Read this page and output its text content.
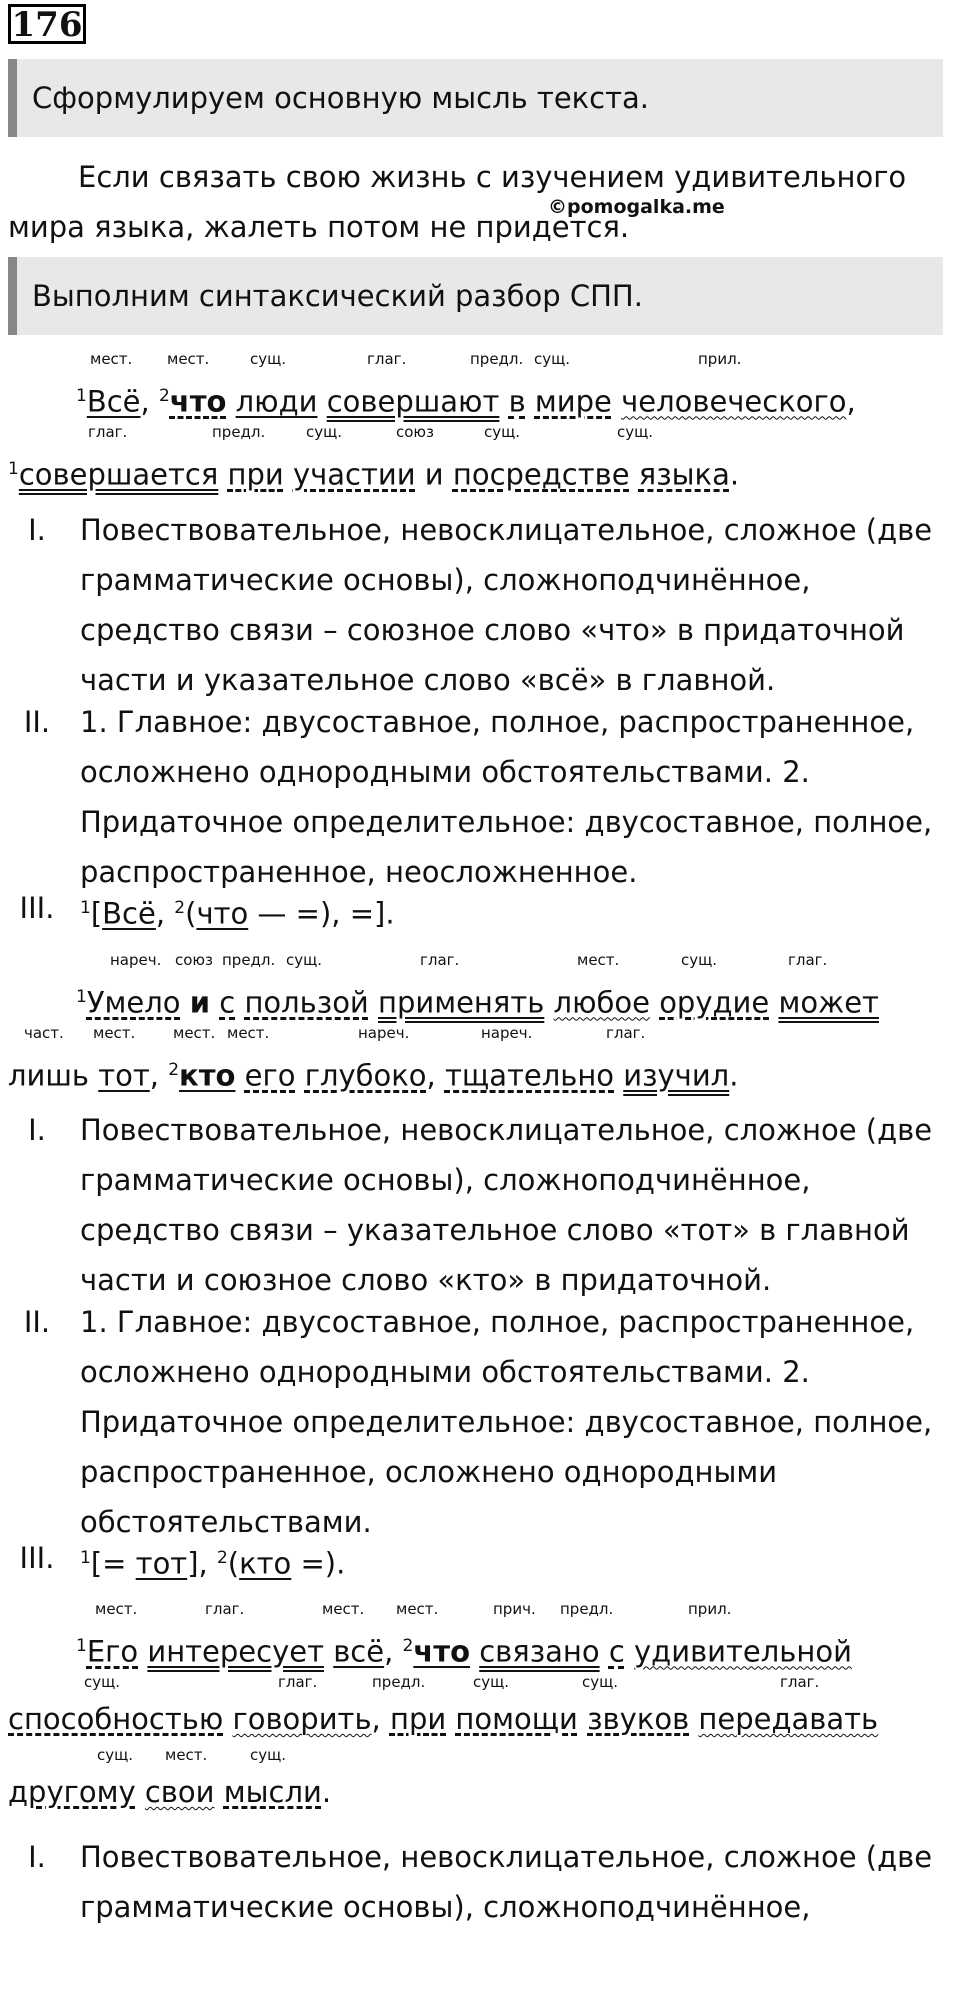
176
Сформулируем основную мысль текста.
Если связать свою жизнь с изучением удивительного мира языка, жалеть потом не придется.
©pomogalka.me
Выполним синтаксический разбор СПП.
мест. мест.	сущ.	глаг.	предл. сущ.	прил.
$^1$Всё, $^2$что люди совершают в мире человеческого,
глаг.	предл.	сущ.	союз	сущ.	сущ.
$^1$совершается при участии и посредстве языка.
I.	Повествовательное, невосклицательное, сложное (две грамматические основы), сложноподчинённое, средство связи – союзное слово «что» в придаточной части и указательное слово «всё» в главной.
II.	1. Главное: двусоставное, полное, распространенное, осложнено однородными обстоятельствами. 2. Придаточное определительное: двусоставное, полное, распространенное, неосложненное.
III.	$^1$[Всё, $^2$(что — =), =].
нареч. союз предл. сущ.	глаг.	мест.	сущ.	глаг.
$^1$Умело и с пользой применять любое орудие может
част. мест.	мест. мест.	нареч.	нареч.	глаг.
лишь тот, $^2$кто его глубоко, тщательно изучил.
I.	Повествовательное, невосклицательное, сложное (две грамматические основы), сложноподчинённое, средство связи – указательное слово «тот» в главной части и союзное слово «кто» в придаточной.
II.	1. Главное: двусоставное, полное, распространенное, осложнено однородными обстоятельствами. 2. Придаточное определительное: двусоставное, полное, распространенное, осложнено однородными обстоятельствами.
III.	$^1$[= тот], $^2$(кто =).
мест.	глаг.	мест. мест.	прич. предл.	прил.
$^1$Его интересует всё, $^2$что связано с удивительной
сущ.	глаг.	предл.	сущ.	сущ.	глаг.
способностью говорить, при помощи звуков передавать
сущ. мест.	сущ.
другому свои мысли.
I.	Повествовательное, невосклицательное, сложное (две грамматические основы), сложноподчинённое,
